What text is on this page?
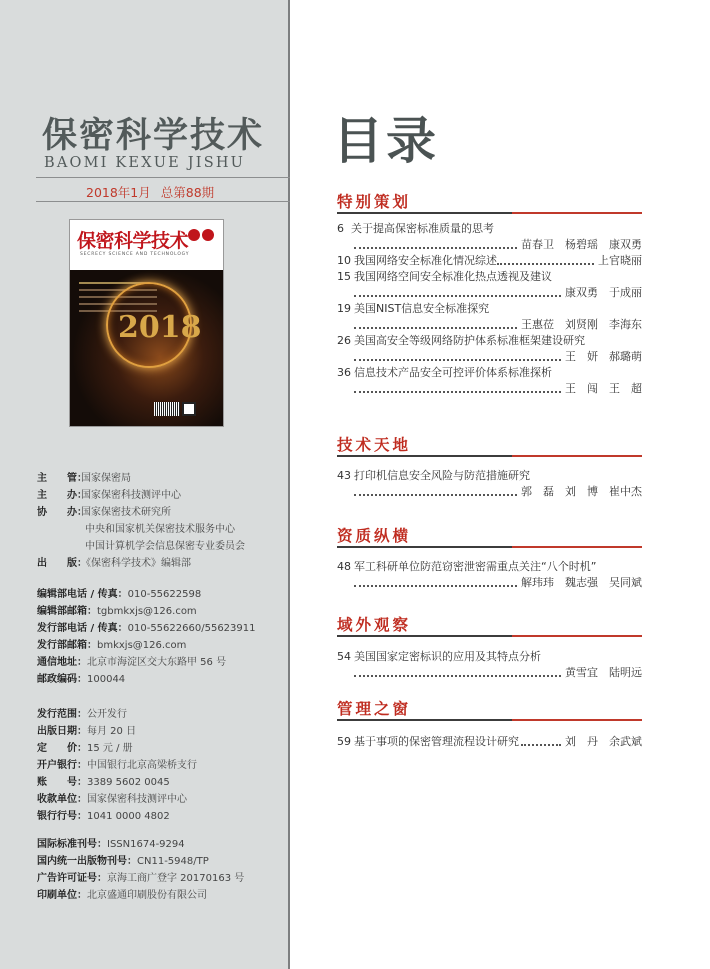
保密科学技术
BAOMI KEXUE JISHU
2018年1月 总第88期
保密科学技术
SECRECY SCIENCE AND TECHNOLOGY
2018
主　　管：
国家保密局
主　　办：
国家保密科技测评中心
协　　办：
国家保密技术研究所
中央和国家机关保密技术服务中心
中国计算机学会信息保密专业委员会
出　　版：
《保密科学技术》编辑部
编辑部电话 / 传真： 010-55622598
编辑部邮箱： tgbmkxjs@126.com
发行部电话 / 传真： 010-55622660/55623911
发行部邮箱： bmkxjs@126.com
通信地址： 北京市海淀区交大东路甲 56 号
邮政编码： 100044
发行范围： 公开发行
出版日期： 每月 20 日
定　　价： 15 元 / 册
开户银行： 中国银行北京高梁桥支行
账　　号： 3389 5602 0045
收款单位： 国家保密科技测评中心
银行行号： 1041 0000 4802
国际标准刊号： ISSN1674-9294
国内统一出版物刊号： CN11-5948/TP
广告许可证号： 京海工商广登字 20170163 号
印刷单位： 北京盛通印刷股份有限公司
目录
特别策划
6 关于提高保密标准质量的思考
苗春卫　杨碧瑶　康双勇
10 我国网络安全标准化情况综述	上官晓丽
15 我国网络空间安全标准化热点透视及建议
康双勇　于成丽
19 美国NIST信息安全标准探究
王惠莅　刘贤刚　李海东
26 美国高安全等级网络防护体系标准框架建设研究
王　妍　郝璐萌
36 信息技术产品安全可控评价体系标准探析
王　闯　王　超
技术天地
43 打印机信息安全风险与防范措施研究
郭　磊　刘　博　崔中杰
资质纵横
48 军工科研单位防范窃密泄密需重点关注“八个时机”
解玮玮　魏志强　吴同斌
域外观察
54 美国国家定密标识的应用及其特点分析
黄雪宜　陆明远
管理之窗
59 基于事项的保密管理流程设计研究	刘　丹　余武斌
